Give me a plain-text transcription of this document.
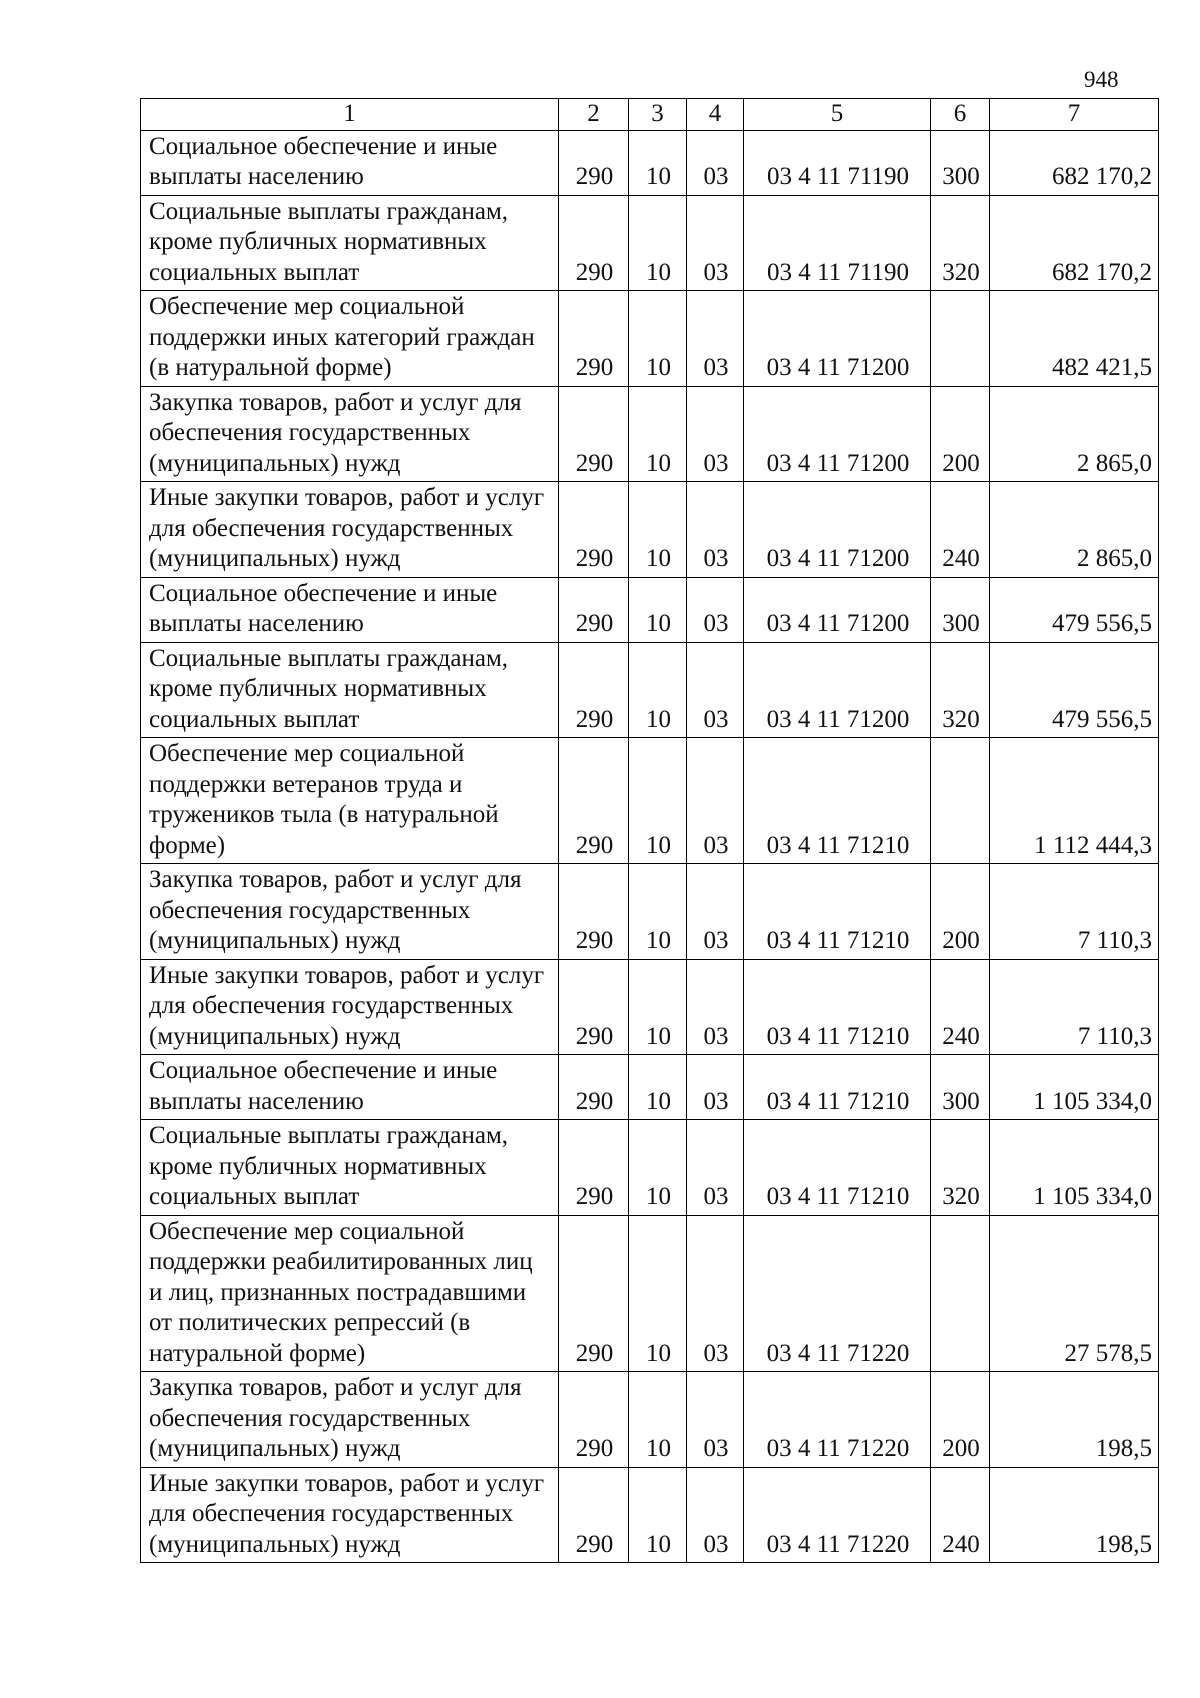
948
1	2	3	4	5	6	7
Социальное обеспечение и иные выплаты населению	290	10	03	03 4 11 71190	300	682 170,2
Социальные выплаты гражданам, кроме публичных нормативных социальных выплат	290	10	03	03 4 11 71190	320	682 170,2
Обеспечение мер социальной поддержки иных категорий граждан (в натуральной форме)	290	10	03	03 4 11 71200		482 421,5
Закупка товаров, работ и услуг для обеспечения государственных (муниципальных) нужд	290	10	03	03 4 11 71200	200	2 865,0
Иные закупки товаров, работ и услуг для обеспечения государственных (муниципальных) нужд	290	10	03	03 4 11 71200	240	2 865,0
Социальное обеспечение и иные выплаты населению	290	10	03	03 4 11 71200	300	479 556,5
Социальные выплаты гражданам, кроме публичных нормативных социальных выплат	290	10	03	03 4 11 71200	320	479 556,5
Обеспечение мер социальной поддержки ветеранов труда и тружеников тыла (в натуральной форме)	290	10	03	03 4 11 71210		1 112 444,3
Закупка товаров, работ и услуг для обеспечения государственных (муниципальных) нужд	290	10	03	03 4 11 71210	200	7 110,3
Иные закупки товаров, работ и услуг для обеспечения государственных (муниципальных) нужд	290	10	03	03 4 11 71210	240	7 110,3
Социальное обеспечение и иные выплаты населению	290	10	03	03 4 11 71210	300	1 105 334,0
Социальные выплаты гражданам, кроме публичных нормативных социальных выплат	290	10	03	03 4 11 71210	320	1 105 334,0
Обеспечение мер социальной поддержки реабилитированных лиц и лиц, признанных пострадавшими от политических репрессий (в натуральной форме)	290	10	03	03 4 11 71220		27 578,5
Закупка товаров, работ и услуг для обеспечения государственных (муниципальных) нужд	290	10	03	03 4 11 71220	200	198,5
Иные закупки товаров, работ и услуг для обеспечения государственных (муниципальных) нужд	290	10	03	03 4 11 71220	240	198,5
